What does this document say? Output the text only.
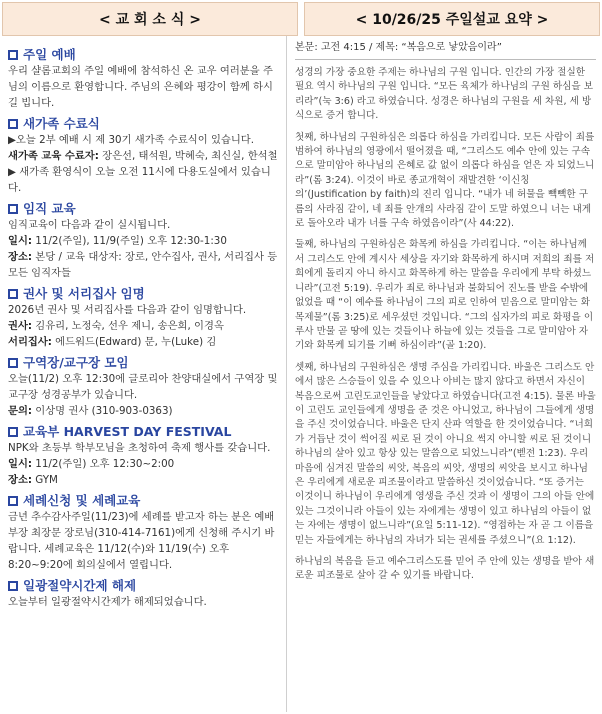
< 교 회 소 식 >	< 10/26/25 주일설교 요약 >
주일 예배
우리 샬롬교회의 주일 예배에 참석하신 온 교우 여러분을 주님의 이름으로 환영합니다. 주님의 은혜와 평강이 함께 하시길 빕니다.
새가족 수료식
▶오늘 2부 예배 시 제 30기 새가족 수료식이 있습니다.
새가족 교육 수료자: 장은선, 태석원, 박혜숙, 최신실, 한석철
▶ 새가족 환영식이 오늘 오전 11시에 다용도실에서 있습니다.
임직 교육
임직교육이 다음과 같이 실시됩니다.
일시: 11/2(주일), 11/9(주일) 오후 12:30-1:30
장소: 본당 / 교육 대상자: 장로, 안수집사, 권사, 서리집사 등 모든 임직자들
권사 및 서리집사 임명
2026년 권사 및 서리집사를 다음과 같이 임명합니다.
권사: 김유리, 노정숙, 선우 제니, 송은희, 이경옥
서리집사: 에드워드(Edward) 문, 누(Luke) 김
구역장/교구장 모임
오늘(11/2) 오후 12:30에 글로리아 찬양대실에서 구역장 및 교구장 성경공부가 있습니다.
문의: 이상명 권사 (310-903-0363)
교육부 HARVEST DAY FESTIVAL
NPK와 초등부 학부모님을 초청하여 축제 행사를 갖습니다.
일시: 11/2(주일) 오후 12:30~2:00
장소: GYM
세례신청 및 세례교육
금년 추수감사주일(11/23)에 세례를 받고자 하는 분은 예배부장 최장문 장로님(310-414-7161)에게 신청해 주시기 바랍니다. 세례교육은 11/12(수)와 11/19(수) 오후 8:20~9:20에 회의실에서 열립니다.
일광절약시간제 해제
오늘부터 일광절약시간제가 해제되었습니다.
본문: 고전 4:15 / 제목: “복음으로 낳았음이라”
성경의 가장 중요한 주제는 하나님의 구원 입니다. 인간의 가장 절실한 필요 역시 하나님의 구원 입니다. “모든 육체가 하나님의 구원 하심을 보리라”(눅 3:6) 라고 하였습니다. 성경은 하나님의 구원을 세 차원, 세 방식으로 증거 합니다.
첫째, 하나님의 구원하심은 의롭다 하심을 가리킵니다. 모든 사람이 죄를 범하여 하나님의 영광에서 떨어졌을 때, “그리스도 예수 안에 있는 구속으로 말미암아 하나님의 은혜로 값 없이 의롭다 하심을 얻은 자 되었느니라”(롬 3:24). 이것이 바로 종교개혁이 재발견한 ‘이신칭의’(Justification by faith)의 진리 입니다. “내가 네 허물을 빽빽한 구름의 사라짐 같이, 네 죄를 안개의 사라짐 같이 도말 하였으니 너는 내게로 돌아오라 내가 너를 구속 하였음이라”(사 44:22).
둘째, 하나님의 구원하심은 화목케 하심을 가리킵니다. “이는 하나님께서 그리스도 안에 계시사 세상을 자기와 화목하게 하시며 저희의 죄를 저희에게 돌리지 아니 하시고 화목하게 하는 말씀을 우리에게 부탁 하셨느니라”(고전 5:19). 우리가 죄로 하나님과 불화되어 진노를 받을 수밖에 없었을 때 “이 예수를 하나님이 그의 피로 인하여 믿음으로 말미암는 화목제물”(롬 3:25)로 세우셨던 것입니다. “그의 십자가의 피로 화평을 이루사 만물 곧 땅에 있는 것들이나 하늘에 있는 것들을 그로 말미암아 자기와 화목케 되기를 기뻐 하심이라”(골 1:20).
셋째, 하나님의 구원하심은 생명 주심을 가리킵니다. 바울은 그리스도 안에서 많은 스승들이 있을 수 있으나 아비는 많지 않다고 하면서 자신이 복음으로써 고린도교인들을 낳았다고 하였습니다(고전 4:15). 물론 바울이 고린도 교인들에게 생명을 준 것은 아니었고, 하나님이 그들에게 생명을 주신 것이었습니다. 바울은 단지 산파 역할을 한 것이었습니다. “너희가 거듭난 것이 썩어질 씨로 된 것이 아니요 썩지 아니할 씨로 된 것이니 하나님의 살아 있고 항상 있는 말씀으로 되었느니라”(벧전 1:23). 우리 마음에 심겨진 말씀의 씨앗, 복음의 씨앗, 생명의 씨앗을 보시고 하나님은 우리에게 새로운 피조물이라고 말씀하신 것이었습니다. “또 증거는 이것이니 하나님이 우리에게 영생을 주신 것과 이 생명이 그의 아들 안에 있는 그것이니라 아들이 있는 자에게는 생명이 있고 하나님의 아들이 없는 자에는 생명이 없느니라”(요일 5:11-12). “영접하는 자 곧 그 이름을 믿는 자들에게는 하나님의 자녀가 되는 권세를 주셨으니”(요 1:12).
하나님의 복음을 듣고 예수그리스도를 믿어 주 안에 있는 생명을 받아 새로운 피조물로 살아 갈 수 있기를 바랍니다.
